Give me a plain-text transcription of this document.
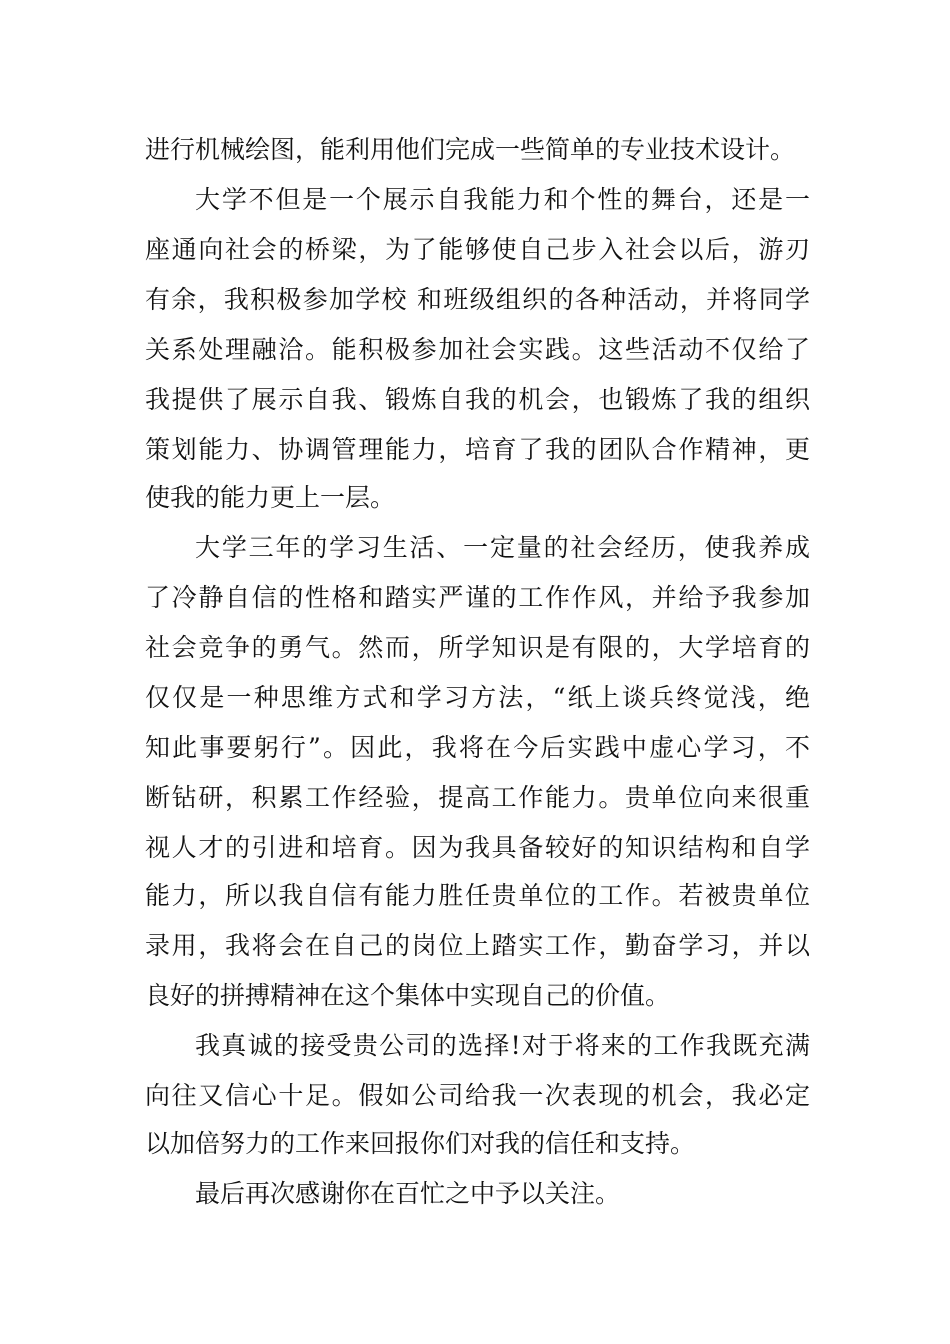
进行机械绘图，能利用他们完成一些简单的专业技术设计。
大学不但是一个展示自我能力和个性的舞台，还是一
座通向社会的桥梁，为了能够使自己步入社会以后，游刃
有余，我积极参加学校 和班级组织的各种活动，并将同学
关系处理融洽。能积极参加社会实践。这些活动不仅给了
我提供了展示自我、锻炼自我的机会，也锻炼了我的组织
策划能力、协调管理能力，培育了我的团队合作精神，更
使我的能力更上一层。
大学三年的学习生活、一定量的社会经历，使我养成
了冷静自信的性格和踏实严谨的工作作风，并给予我参加
社会竞争的勇气。然而，所学知识是有限的，大学培育的
仅仅是一种思维方式和学习方法，“纸上谈兵终觉浅，绝
知此事要躬行”。因此，我将在今后实践中虚心学习，不
断钻研，积累工作经验，提高工作能力。贵单位向来很重
视人才的引进和培育。因为我具备较好的知识结构和自学
能力，所以我自信有能力胜任贵单位的工作。若被贵单位
录用，我将会在自己的岗位上踏实工作，勤奋学习，并以
良好的拼搏精神在这个集体中实现自己的价值。
我真诚的接受贵公司的选择!对于将来的工作我既充满
向往又信心十足。假如公司给我一次表现的机会，我必定
以加倍努力的工作来回报你们对我的信任和支持。
最后再次感谢你在百忙之中予以关注。
